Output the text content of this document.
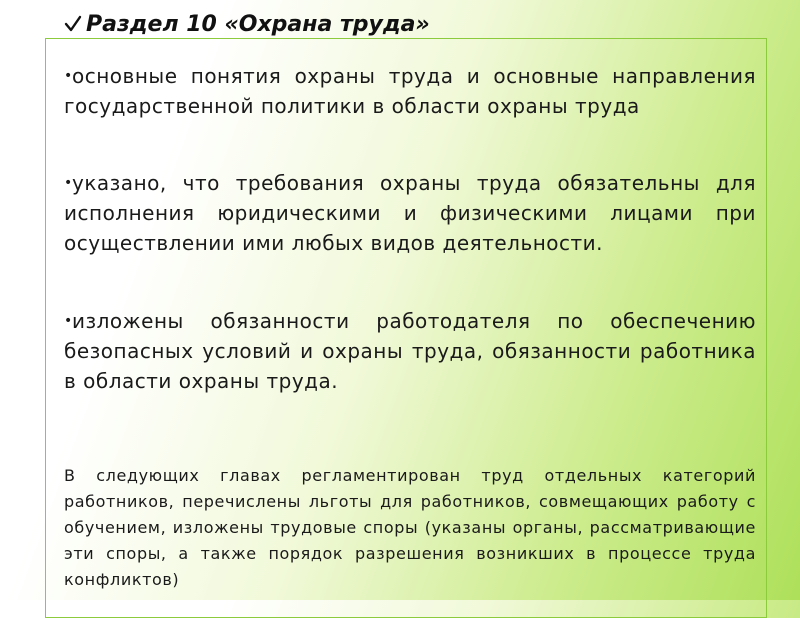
Раздел 10 «Охрана труда»

•основные понятия охраны труда и основные направления государственной политики в области охраны труда

•указано, что требования охраны труда обязательны для исполнения юридическими и физическими лицами при осуществлении ими любых видов деятельности.

•изложены обязанности работодателя по обеспечению безопасных условий и охраны труда, обязанности работника в области охраны труда.

В следующих главах регламентирован труд отдельных категорий работников, перечислены льготы для работников, совмещающих работу с обучением, изложены трудовые споры (указаны органы, рассматривающие эти споры, а также порядок разрешения возникших в процессе труда конфликтов)
